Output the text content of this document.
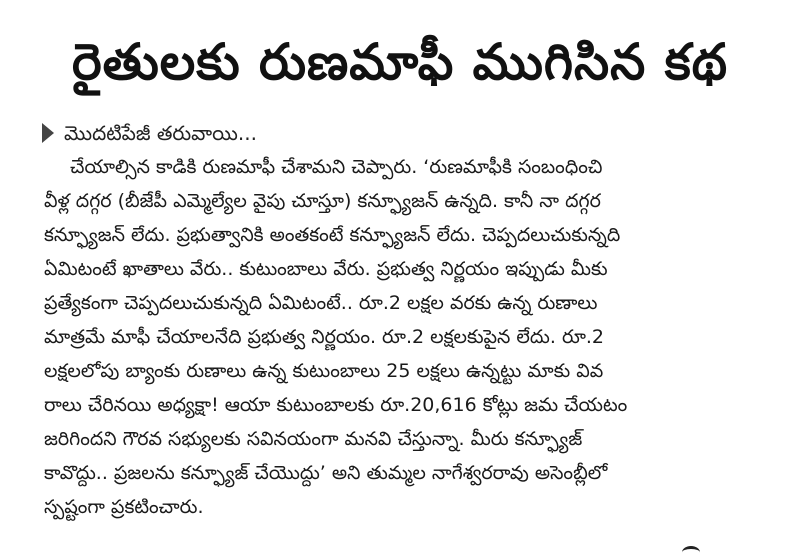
రైతులకు రుణమాఫీ ముగిసిన కథ
మొదటిపేజీ తరువాయి...
చేయాల్సిన కాడికి రుణమాఫీ చేశామని చెప్పారు. ‘రుణమాఫీకి సంబంధించి
వీళ్ల దగ్గర (బీజేపీ ఎమ్మెల్యేల వైపు చూస్తూ) కన్ఫ్యూజన్ ఉన్నది. కానీ నా దగ్గర
కన్ఫ్యూజన్ లేదు. ప్రభుత్వానికి అంతకంటే కన్ఫ్యూజన్ లేదు. చెప్పదలుచుకున్నది
ఏమిటంటే ఖాతాలు వేరు.. కుటుంబాలు వేరు. ప్రభుత్వ నిర్ణయం ఇప్పుడు మీకు
ప్రత్యేకంగా చెప్పదలుచుకున్నది ఏమిటంటే.. రూ.2 లక్షల వరకు ఉన్న రుణాలు
మాత్రమే మాఫీ చేయాలనేది ప్రభుత్వ నిర్ణయం. రూ.2 లక్షలకుపైన లేదు. రూ.2
లక్షలలోపు బ్యాంకు రుణాలు ఉన్న కుటుంబాలు 25 లక్షలు ఉన్నట్టు మాకు వివ
రాలు చేరినయి అధ్యక్షా! ఆయా కుటుంబాలకు రూ.20,616 కోట్లు జమ చేయటం
జరిగిందని గౌరవ సభ్యులకు సవినయంగా మనవి చేస్తున్నా. మీరు కన్ఫ్యూజ్
కావొద్దు.. ప్రజలను కన్ఫ్యూజ్ చేయొద్దు’ అని తుమ్మల నాగేశ్వరరావు అసెంబ్లీలో
స్పష్టంగా ప్రకటించారు.
